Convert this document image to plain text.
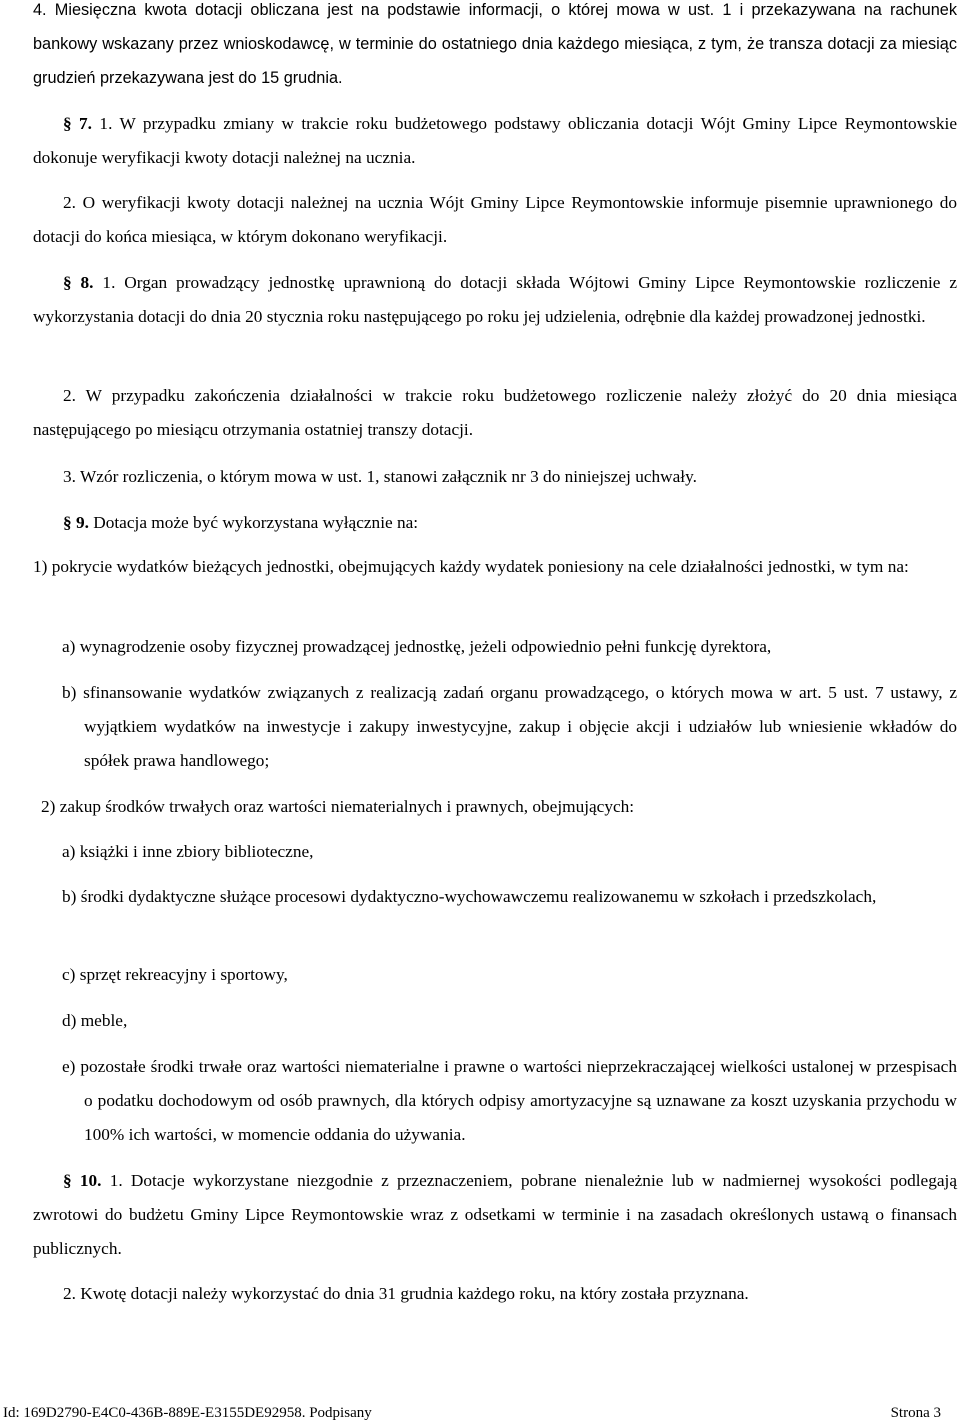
4. Miesięczna kwota dotacji obliczana jest na podstawie informacji, o której mowa w ust. 1 i przekazywana na rachunek bankowy wskazany przez wnioskodawcę, w terminie do ostatniego dnia każdego miesiąca, z tym, że transza dotacji za miesiąc grudzień przekazywana jest do 15 grudnia.

§ 7. 1. W przypadku zmiany w trakcie roku budżetowego podstawy obliczania dotacji Wójt Gminy Lipce Reymontowskie dokonuje weryfikacji kwoty dotacji należnej na ucznia.

2. O weryfikacji kwoty dotacji należnej na ucznia Wójt Gminy Lipce Reymontowskie informuje pisemnie uprawnionego do dotacji do końca miesiąca, w którym dokonano weryfikacji.

§ 8. 1. Organ prowadzący jednostkę uprawnioną do dotacji składa Wójtowi Gminy Lipce Reymontowskie rozliczenie z wykorzystania dotacji do dnia 20 stycznia roku następującego po roku jej udzielenia, odrębnie dla każdej prowadzonej jednostki.

2. W przypadku zakończenia działalności w trakcie roku budżetowego rozliczenie należy złożyć do 20 dnia miesiąca następującego po miesiącu otrzymania ostatniej transzy dotacji.

3. Wzór rozliczenia, o którym mowa w ust. 1, stanowi załącznik nr 3 do niniejszej uchwały.

§ 9. Dotacja może być wykorzystana wyłącznie na:

1) pokrycie wydatków bieżących jednostki, obejmujących każdy wydatek poniesiony na cele działalności jednostki, w tym na:

a) wynagrodzenie osoby fizycznej prowadzącej jednostkę, jeżeli odpowiednio pełni funkcję dyrektora,

b) sfinansowanie wydatków związanych z realizacją zadań organu prowadzącego, o których mowa w art. 5 ust. 7 ustawy, z wyjątkiem wydatków na inwestycje i zakupy inwestycyjne, zakup i objęcie akcji i udziałów lub wniesienie wkładów do spółek prawa handlowego;

2) zakup środków trwałych oraz wartości niematerialnych i prawnych, obejmujących:

a) książki i inne zbiory biblioteczne,

b) środki dydaktyczne służące procesowi dydaktyczno-wychowawczemu realizowanemu w szkołach i przedszkolach,

c) sprzęt rekreacyjny i sportowy,

d) meble,

e) pozostałe środki trwałe oraz wartości niematerialne i prawne o wartości nieprzekraczającej wielkości ustalonej w przespisach o podatku dochodowym od osób prawnych, dla których odpisy amortyzacyjne są uznawane za koszt uzyskania przychodu w 100% ich wartości, w momencie oddania do używania.

§ 10. 1. Dotacje wykorzystane niezgodnie z przeznaczeniem, pobrane nienależnie lub w nadmiernej wysokości podlegają zwrotowi do budżetu Gminy Lipce Reymontowskie wraz z odsetkami w terminie i na zasadach określonych ustawą o finansach publicznych.

2. Kwotę dotacji należy wykorzystać do dnia 31 grudnia każdego roku, na który została przyznana.

Id: 169D2790-E4C0-436B-889E-E3155DE92958. Podpisany	Strona 3
